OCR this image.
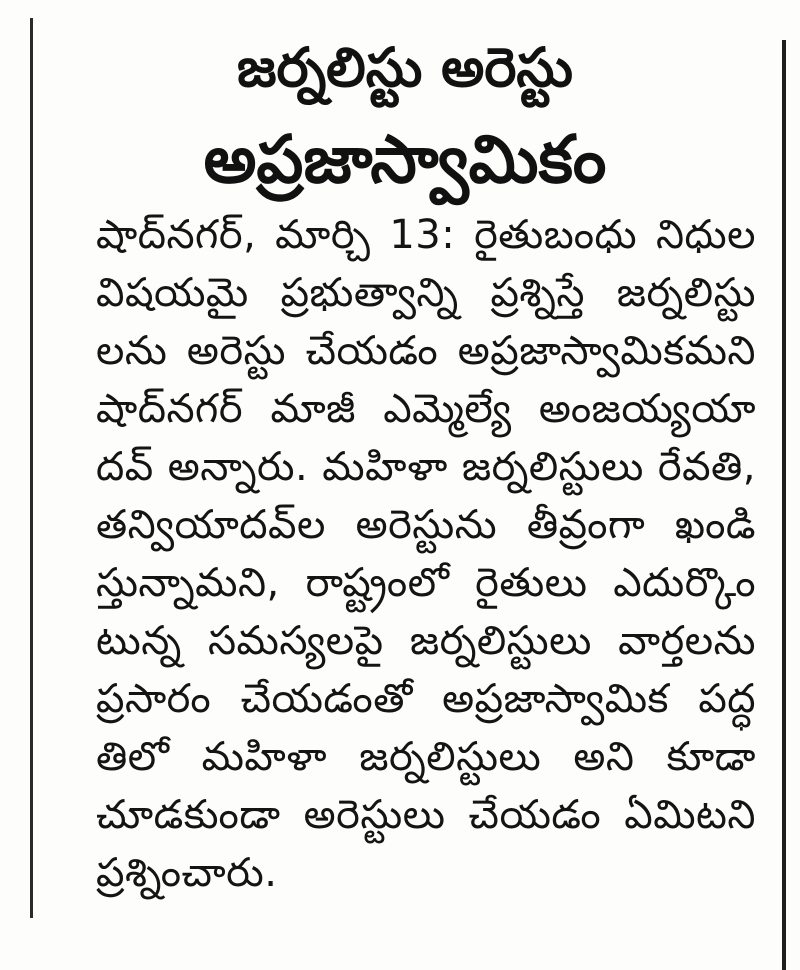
జర్నలిస్టు అరెస్టు
అప్రజాస్వామికం
షాద్‌నగర్, మార్చి 13: రైతుబంధు నిధుల
విషయమై ప్రభుత్వాన్ని ప్రశ్నిస్తే జర్నలిస్టు
లను అరెస్టు చేయడం అప్రజాస్వామికమని
షాద్‌నగర్ మాజీ ఎమ్మెల్యే అంజయ్యయా
దవ్ అన్నారు. మహిళా జర్నలిస్టులు రేవతి,
తన్వియాదవ్‌ల అరెస్టును తీవ్రంగా ఖండి
స్తున్నామని, రాష్ట్రంలో రైతులు ఎదుర్కొం
టున్న సమస్యలపై జర్నలిస్టులు వార్తలను
ప్రసారం చేయడంతో అప్రజాస్వామిక పద్ధ
తిలో మహిళా జర్నలిస్టులు అని కూడా
చూడకుండా అరెస్టులు చేయడం ఏమిటని
ప్రశ్నించారు.
